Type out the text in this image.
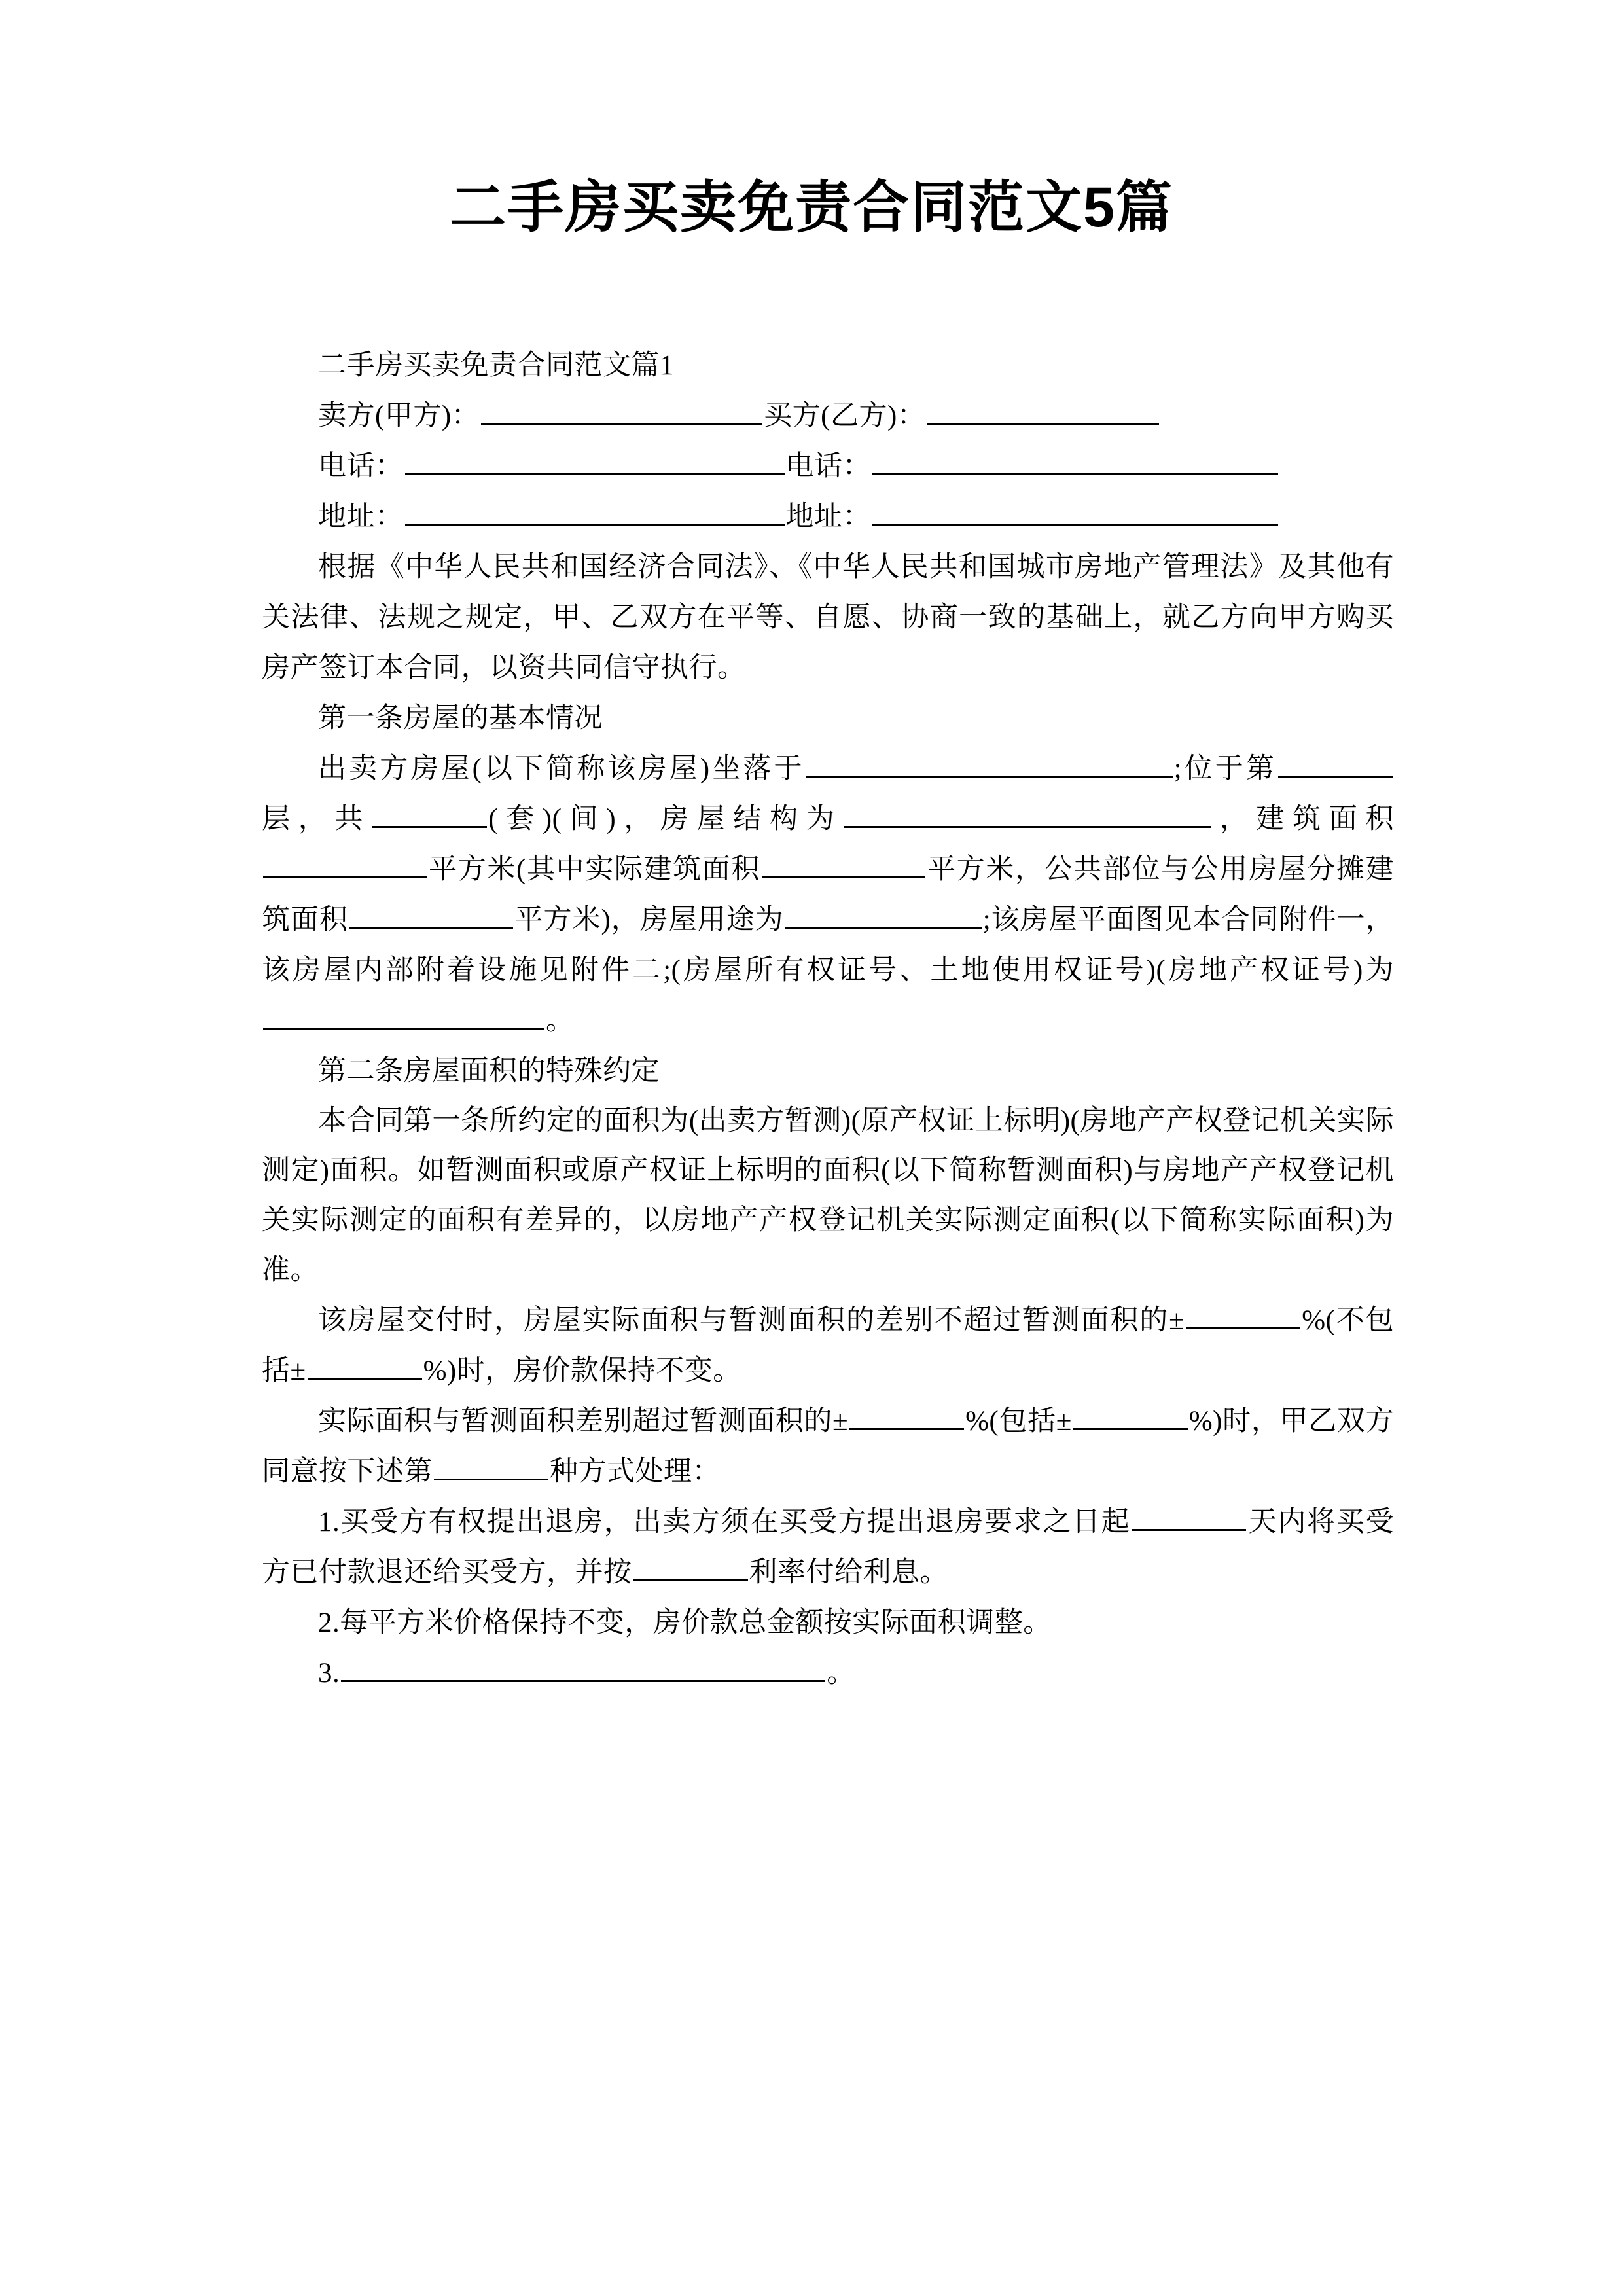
二手房买卖免责合同范文5篇

二手房买卖免责合同范文篇1

卖方(甲方)：	买方(乙方)：

电话：	电话：

地址：	地址：

根据《中华人民共和国经济合同法》、《中华人民共和国城市房地产管理法》及其他有关法律、法规之规定，甲、乙双方在平等、自愿、协商一致的基础上，就乙方向甲方购买房产签订本合同，以资共同信守执行。

第一条房屋的基本情况

出卖方房屋(以下简称该房屋)坐落于	;位于第层，共	(套)(间)，房屋结构为	，建筑面积平方米(其中实际建筑面积	平方米，公共部位与公用房屋分摊建筑面积	平方米)，房屋用途为	;该房屋平面图见本合同附件一，该房屋内部附着设施见附件二;(房屋所有权证号、土地使用权证号)(房地产权证号)为。

第二条房屋面积的特殊约定

本合同第一条所约定的面积为(出卖方暂测)(原产权证上标明)(房地产产权登记机关实际测定)面积。如暂测面积或原产权证上标明的面积(以下简称暂测面积)与房地产产权登记机关实际测定的面积有差异的，以房地产产权登记机关实际测定面积(以下简称实际面积)为准。

该房屋交付时，房屋实际面积与暂测面积的差别不超过暂测面积的±	%(不包括±	%)时，房价款保持不变。

实际面积与暂测面积差别超过暂测面积的±	%(包括±	%)时，甲乙双方同意按下述第	种方式处理：

1.买受方有权提出退房，出卖方须在买受方提出退房要求之日起	天内将买受方已付款退还给买受方，并按	利率付给利息。

2.每平方米价格保持不变，房价款总金额按实际面积调整。

3.	。
